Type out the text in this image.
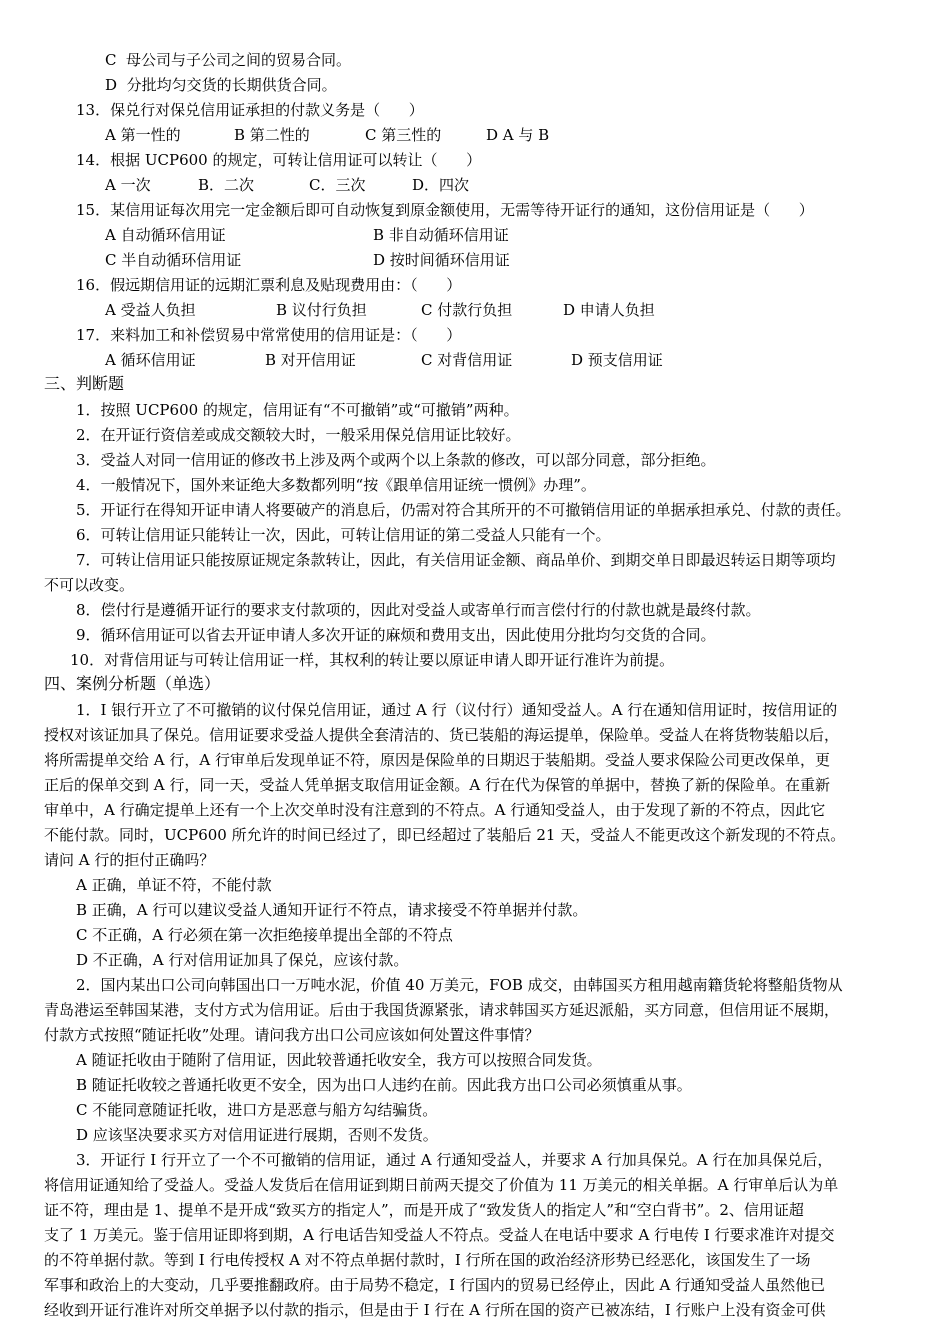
C  母公司与子公司之间的贸易合同。
D  分批均匀交货的长期供货合同。
13．保兑行对保兑信用证承担的付款义务是（      ）
A 第一性的	B 第二性的	C 第三性的	D A 与 B
14．根据 UCP600 的规定，可转让信用证可以转让（      ）
A 一次	B．二次	C．三次	D．四次
15．某信用证每次用完一定金额后即可自动恢复到原金额使用，无需等待开证行的通知，这份信用证是（      ）
A 自动循环信用证	B 非自动循环信用证
C 半自动循环信用证	D 按时间循环信用证
16．假远期信用证的远期汇票利息及贴现费用由：（      ）
A 受益人负担	B 议付行负担	C 付款行负担	D 申请人负担
17．来料加工和补偿贸易中常常使用的信用证是：（      ）
A 循环信用证	B 对开信用证	C 对背信用证	D 预支信用证
三、判断题
1．按照 UCP600 的规定，信用证有“不可撤销”或“可撤销”两种。
2．在开证行资信差或成交额较大时，一般采用保兑信用证比较好。
3．受益人对同一信用证的修改书上涉及两个或两个以上条款的修改，可以部分同意，部分拒绝。
4．一般情况下，国外来证绝大多数都列明“按《跟单信用证统一惯例》办理”。
5．开证行在得知开证申请人将要破产的消息后，仍需对符合其所开的不可撤销信用证的单据承担承兑、付款的责任。
6．可转让信用证只能转让一次，因此，可转让信用证的第二受益人只能有一个。
7．可转让信用证只能按原证规定条款转让，因此，有关信用证金额、商品单价、到期交单日即最迟转运日期等项均
不可以改变。
8．偿付行是遵循开证行的要求支付款项的，因此对受益人或寄单行而言偿付行的付款也就是最终付款。
9．循环信用证可以省去开证申请人多次开证的麻烦和费用支出，因此使用分批均匀交货的合同。
10．对背信用证与可转让信用证一样，其权利的转让要以原证申请人即开证行准许为前提。
四、案例分析题（单选）
1．I 银行开立了不可撤销的议付保兑信用证，通过 A 行（议付行）通知受益人。A 行在通知信用证时，按信用证的
授权对该证加具了保兑。信用证要求受益人提供全套清洁的、货已装船的海运提单，保险单。受益人在将货物装船以后，
将所需提单交给 A 行，A 行审单后发现单证不符，原因是保险单的日期迟于装船期。受益人要求保险公司更改保单，更
正后的保单交到 A 行，同一天，受益人凭单据支取信用证金额。A 行在代为保管的单据中，替换了新的保险单。在重新
审单中，A 行确定提单上还有一个上次交单时没有注意到的不符点。A 行通知受益人，由于发现了新的不符点，因此它
不能付款。同时，UCP600 所允许的时间已经过了，即已经超过了装船后 21 天，受益人不能更改这个新发现的不符点。
请问 A 行的拒付正确吗？
A 正确，单证不符，不能付款
B 正确，A 行可以建议受益人通知开证行不符点，请求接受不符单据并付款。
C 不正确，A 行必须在第一次拒绝接单提出全部的不符点
D 不正确，A 行对信用证加具了保兑，应该付款。
2．国内某出口公司向韩国出口一万吨水泥，价值 40 万美元，FOB 成交，由韩国买方租用越南籍货轮将整船货物从
青岛港运至韩国某港，支付方式为信用证。后由于我国货源紧张，请求韩国买方延迟派船，买方同意，但信用证不展期，
付款方式按照“随证托收”处理。请问我方出口公司应该如何处置这件事情？
A 随证托收由于随附了信用证，因此较普通托收安全，我方可以按照合同发货。
B 随证托收较之普通托收更不安全，因为出口人违约在前。因此我方出口公司必须慎重从事。
C 不能同意随证托收，进口方是恶意与船方勾结骗货。
D 应该坚决要求买方对信用证进行展期，否则不发货。
3．开证行 I 行开立了一个不可撤销的信用证，通过 A 行通知受益人，并要求 A 行加具保兑。A 行在加具保兑后，
将信用证通知给了受益人。受益人发货后在信用证到期日前两天提交了价值为 11 万美元的相关单据。A 行审单后认为单
证不符，理由是 1、提单不是开成“致买方的指定人”，而是开成了“致发货人的指定人”和“空白背书”。2、信用证超
支了 1 万美元。鉴于信用证即将到期，A 行电话告知受益人不符点。受益人在电话中要求 A 行电传 I 行要求准许对提交
的不符单据付款。等到 I 行电传授权 A 对不符点单据付款时，I 行所在国的政治经济形势已经恶化，该国发生了一场
军事和政治上的大变动，几乎要推翻政府。由于局势不稳定，I 行国内的贸易已经停止，因此 A 行通知受益人虽然他已
经收到开证行准许对所交单据予以付款的指示，但是由于 I 行在 A 行所在国的资产已被冻结，I 行账户上没有资金可供
